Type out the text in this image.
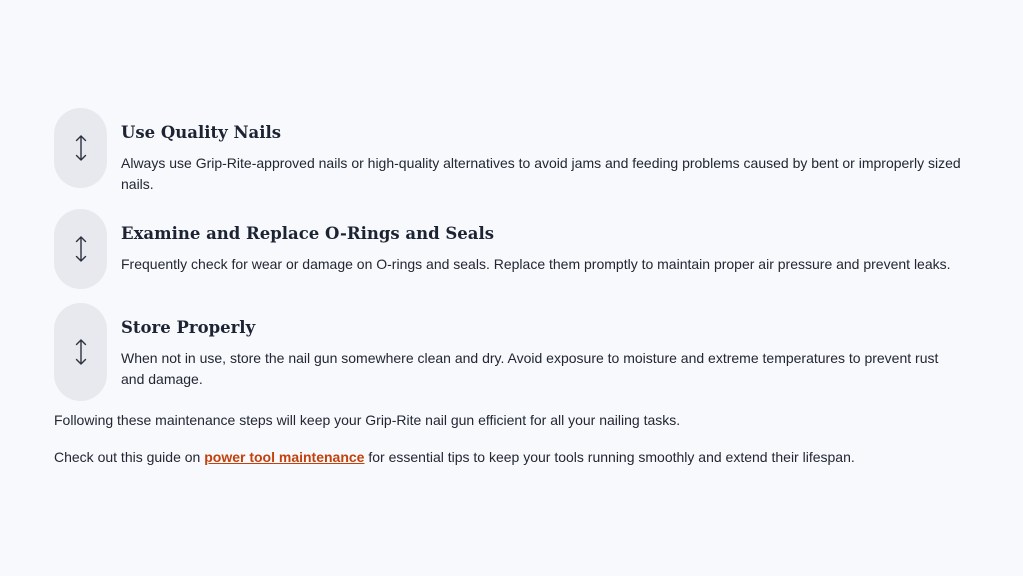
Use Quality Nails

Always use Grip-Rite-approved nails or high-quality alternatives to avoid jams and feeding problems caused by bent or improperly sized nails.

Examine and Replace O-Rings and Seals

Frequently check for wear or damage on O-rings and seals. Replace them promptly to maintain proper air pressure and prevent leaks.

Store Properly

When not in use, store the nail gun somewhere clean and dry. Avoid exposure to moisture and extreme temperatures to prevent rust and damage.

Following these maintenance steps will keep your Grip-Rite nail gun efficient for all your nailing tasks.

Check out this guide on power tool maintenance for essential tips to keep your tools running smoothly and extend their lifespan.
